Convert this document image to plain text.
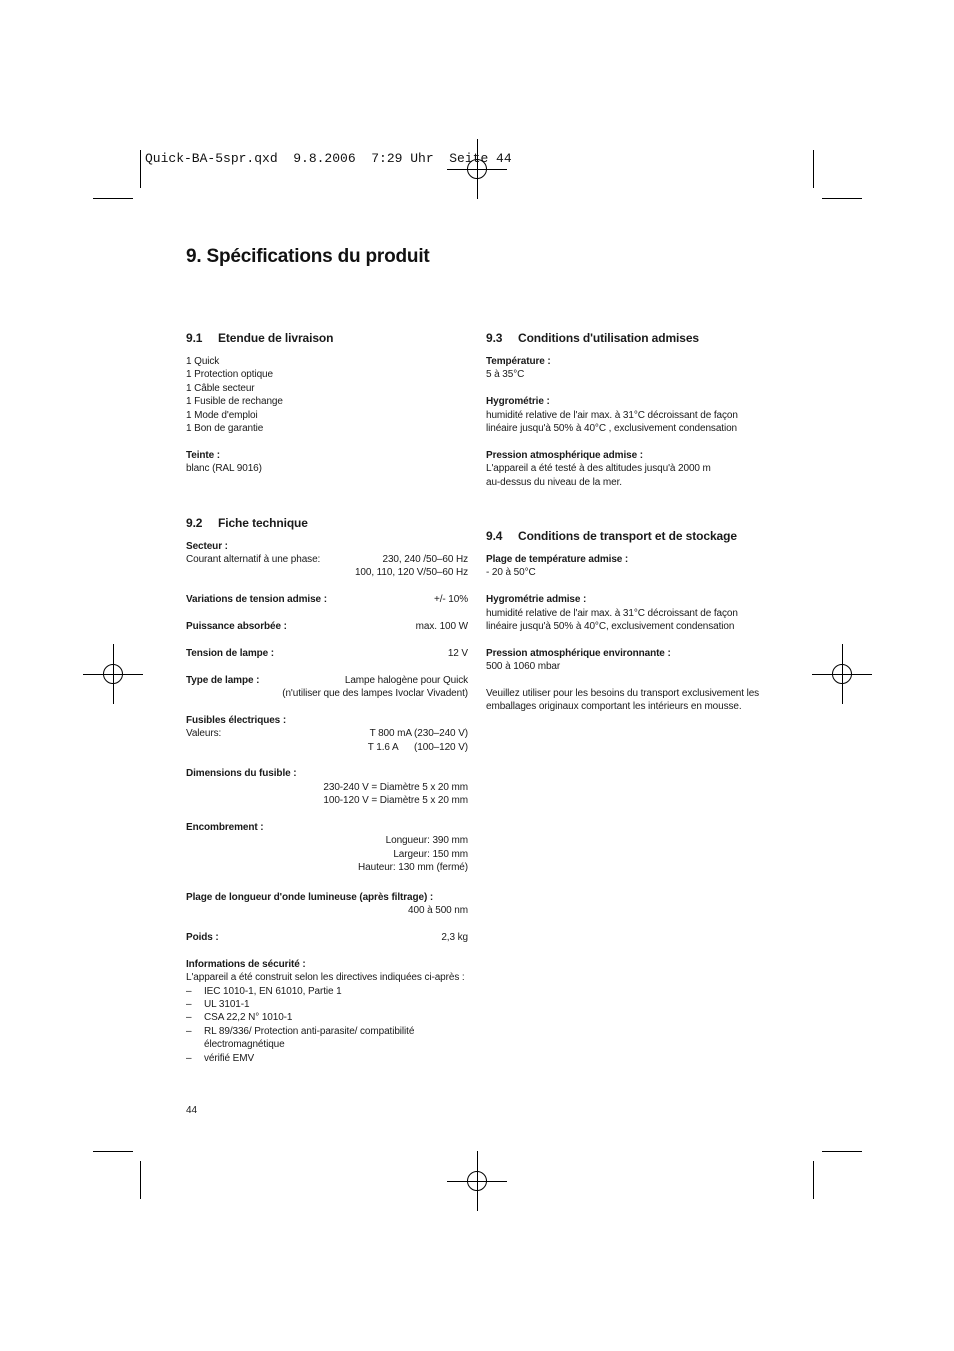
Quick-BA-5spr.qxd  9.8.2006  7:29 Uhr  Seite 44
9. Spécifications du produit
9.1	Etendue de livraison
1 Quick
1 Protection optique
1 Câble secteur
1 Fusible de rechange
1 Mode d'emploi
1 Bon de garantie
Teinte :
blanc (RAL 9016)
9.2	Fiche technique
Secteur :
Courant alternatif à une phase:	230, 240 /50–60 Hz
100, 110, 120 V/50–60 Hz
Variations de tension admise :	+/- 10%
Puissance absorbée :	max. 100 W
Tension de lampe :	12 V
Type de lampe :	Lampe halogène pour Quick
(n'utiliser que des lampes Ivoclar Vivadent)
Fusibles électriques :
Valeurs:	T 800 mA (230–240 V)
T 1.6 A      (100–120 V)
Dimensions du fusible :
230-240 V = Diamètre 5 x 20 mm
100-120 V = Diamètre 5 x 20 mm
Encombrement :
Longueur: 390 mm
Largeur: 150 mm
Hauteur: 130 mm (fermé)
Plage de longueur d'onde lumineuse (après filtrage) :
400 à 500 nm
Poids :	2,3 kg
Informations de sécurité :
L'appareil a été construit selon les directives indiquées ci-après :
–	IEC 1010-1, EN 61010, Partie 1
–	UL 3101-1
–	CSA 22,2 N° 1010-1
–	RL 89/336/ Protection anti-parasite/ compatibilité
électromagnétique
–	vérifié EMV
9.3	Conditions d'utilisation admises
Température :
5 à 35°C
Hygrométrie :
humidité relative de l'air max. à 31°C décroissant de façon
linéaire jusqu'à 50% à 40°C , exclusivement condensation
Pression atmosphérique admise :
L'appareil a été testé à des altitudes jusqu'à 2000 m
au-dessus du niveau de la mer.
9.4	Conditions de transport et de stockage
Plage de température admise :
- 20 à 50°C
Hygrométrie admise :
humidité relative de l'air max. à 31°C décroissant de façon
linéaire jusqu'à 50% à 40°C, exclusivement condensation
Pression atmosphérique environnante :
500 à 1060 mbar
Veuillez utiliser pour les besoins du transport exclusivement les
emballages originaux comportant les intérieurs en mousse.
44
